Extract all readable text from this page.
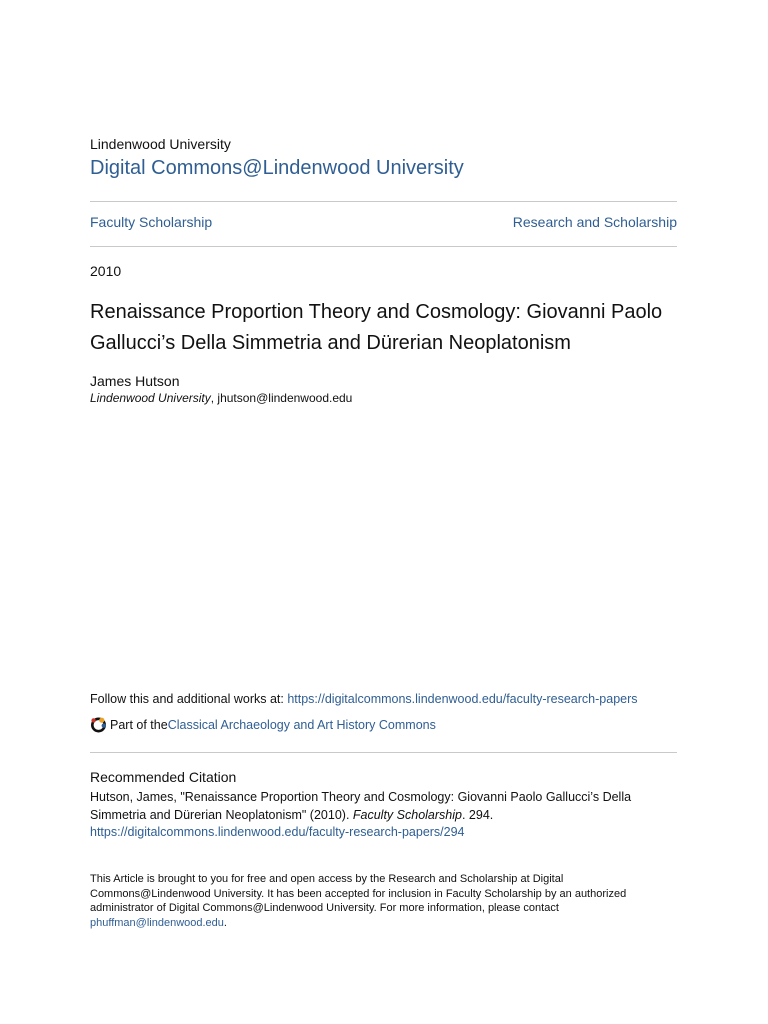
Lindenwood University
Digital Commons@Lindenwood University
Faculty Scholarship	Research and Scholarship
2010
Renaissance Proportion Theory and Cosmology: Giovanni Paolo Gallucci’s Della Simmetria and Dürerian Neoplatonism
James Hutson
Lindenwood University, jhutson@lindenwood.edu
Follow this and additional works at: https://digitalcommons.lindenwood.edu/faculty-research-papers
Part of the Classical Archaeology and Art History Commons
Recommended Citation
Hutson, James, "Renaissance Proportion Theory and Cosmology: Giovanni Paolo Gallucci’s Della Simmetria and Dürerian Neoplatonism" (2010). Faculty Scholarship. 294.
https://digitalcommons.lindenwood.edu/faculty-research-papers/294
This Article is brought to you for free and open access by the Research and Scholarship at Digital Commons@Lindenwood University. It has been accepted for inclusion in Faculty Scholarship by an authorized administrator of Digital Commons@Lindenwood University. For more information, please contact phuffman@lindenwood.edu.
